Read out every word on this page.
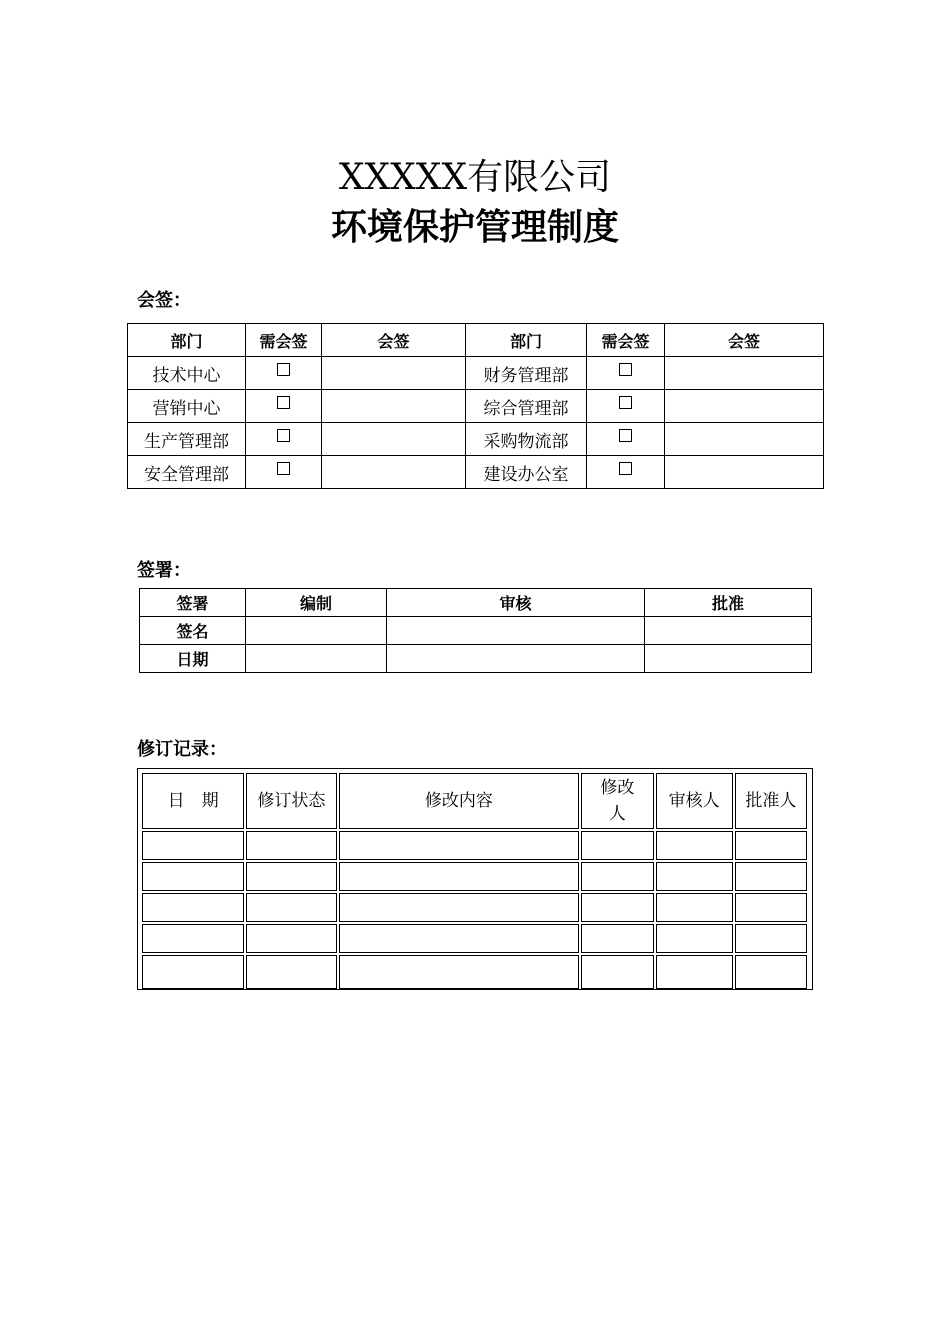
XXXXX有限公司
环境保护管理制度
会签：
部门	需会签	会签	部门	需会签	会签
技术中心			财务管理部		
营销中心			综合管理部		
生产管理部			采购物流部		
安全管理部			建设办公室		
签署：
签署	编制	审核	批准
签名			
日期			
修订记录：
日　期	修订状态	修改内容	修改人	审核人	批准人
